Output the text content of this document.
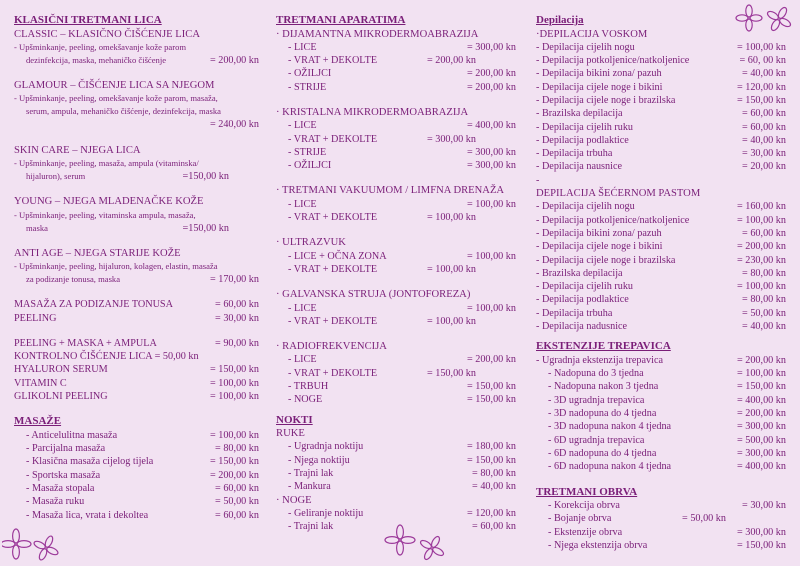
KLASIČNI TRETMANI LICA
CLASSIC – KLASIČNO ČIŠĆENJE LICA
- Upšminkanje, peeling, omekšavanje kože parom
dezinfekcija, maska, mehaničko čišćenje	= 200,00 kn
GLAMOUR – ČIŠĆENJE LICA SA NJEGOM
- Upšminkanje, peeling, omekšavanje kože parom, masaža,
serum, ampula, mehaničko čišćenje, dezinfekcija, maska
= 240,00 kn
SKIN CARE – NJEGA LICA
- Upšminkanje, peeling, masaža, ampula (vitaminska/
hijaluron), serum	=150,00 kn
YOUNG – NJEGA MLADENAČKE KOŽE
- Upšminkanje, peeling, vitaminska ampula, masaža,
maska	=150,00 kn
ANTI AGE – NJEGA STARIJE KOŽE
- Upšminkanje, peeling, hijaluron, kolagen, elastin, masaža
za podizanje tonusa, maska	= 170,00 kn
MASAŽA ZA PODIZANJE TONUSA	= 60,00 kn
PEELING	= 30,00 kn
PEELING + MASKA + AMPULA	= 90,00 kn
KONTROLNO ČIŠĆENJE LICA = 50,00 kn
HYALURON SERUM	= 150,00 kn
VITAMIN C	= 100,00 kn
GLIKOLNI PEELING	= 100,00 kn
MASAŽE
- Anticelulitna masaža	= 100,00 kn
- Parcijalna masaža	= 80,00 kn
- Klasična masaža cijelog tijela	= 150,00 kn
- Sportska masaža	= 200,00 kn
- Masaža stopala	= 60,00 kn
- Masaža ruku	= 50,00 kn
- Masaža lica, vrata i dekoltea	= 60,00 kn
TRETMANI APARATIMA
· DIJAMANTNA MIKRODERMOABRAZIJA
- LICE	= 300,00 kn
- VRAT + DEKOLTE	= 200,00 kn
- OŽILJCI	= 200,00 kn
- STRIJE	= 200,00 kn
· KRISTALNA MIKRODERMOABRAZIJA
- LICE	= 400,00 kn
- VRAT + DEKOLTE	= 300,00 kn
- STRIJE	= 300,00 kn
- OŽILJCI	= 300,00 kn
· TRETMANI VAKUUMOM / LIMFNA DRENAŽA
- LICE	= 100,00 kn
- VRAT + DEKOLTE	= 100,00 kn
· ULTRAZVUK
- LICE + OČNA ZONA	= 100,00 kn
- VRAT + DEKOLTE	= 100,00 kn
· GALVANSKA STRUJA (JONTOFOREZA)
- LICE	= 100,00 kn
- VRAT + DEKOLTE	= 100,00 kn
· RADIOFREKVENCIJA
- LICE	= 200,00 kn
- VRAT + DEKOLTE	= 150,00 kn
- TRBUH	= 150,00 kn
- NOGE	= 150,00 kn
NOKTI
RUKE
- Ugradnja noktiju	= 180,00 kn
- Njega noktiju	= 150,00 kn
- Trajni lak	= 80,00 kn
- Mankura	= 40,00 kn
· NOGE
- Geliranje noktiju	= 120,00 kn
- Trajni lak	= 60,00 kn
Depilacija
·DEPILACIJA VOSKOM
- Depilacija cijelih nogu	= 100,00 kn
- Depilacija potkoljenice/natkoljenice	= 60, 00 kn
- Depilacija bikini zona/ pazuh	= 40,00 kn
- Depilacija cijele noge i bikini	= 120,00 kn
- Depilacija cijele noge i brazilska	= 150,00 kn
- Brazilska depilacija	= 60,00 kn
- Depilacija cijelih ruku	= 60,00 kn
- Depilacija podlaktice	= 40,00 kn
- Depilacija trbuha	= 30,00 kn
- Depilacija nausnice	= 20,00 kn
-
DEPILACIJA ŠEĆERNOM PASTOM
- Depilacija cijelih nogu	= 160,00 kn
- Depilacija potkoljenice/natkoljenice	= 100,00 kn
- Depilacija bikini zona/ pazuh	= 60,00 kn
- Depilacija cijele noge i bikini	= 200,00 kn
- Depilacija cijele noge i brazilska	= 230,00 kn
- Brazilska depilacija	= 80,00 kn
- Depilacija cijelih ruku	= 100,00 kn
- Depilacija podlaktice	= 80,00 kn
- Depilacija trbuha	= 50,00 kn
- Depilacija nadusnice	= 40,00 kn
EKSTENZIJE TREPAVICA
- Ugradnja ekstenzija trepavica	= 200,00 kn
- Nadopuna do 3 tjedna	= 100,00 kn
- Nadopuna nakon 3 tjedna	= 150,00 kn
- 3D ugradnja trepavica	= 400,00 kn
- 3D nadopuna do 4 tjedna	= 200,00 kn
- 3D nadopuna nakon 4 tjedna	= 300,00 kn
- 6D ugradnja trepavica	= 500,00 kn
- 6D nadopuna do 4 tjedna	= 300,00 kn
- 6D nadopuna nakon 4 tjedna	= 400,00 kn
TRETMANI OBRVA
- Korekcija obrva	= 30,00 kn
- Bojanje obrva	= 50,00 kn
- Ekstenzije obrva	= 300,00 kn
- Njega ekstenzija obrva	= 150,00 kn
